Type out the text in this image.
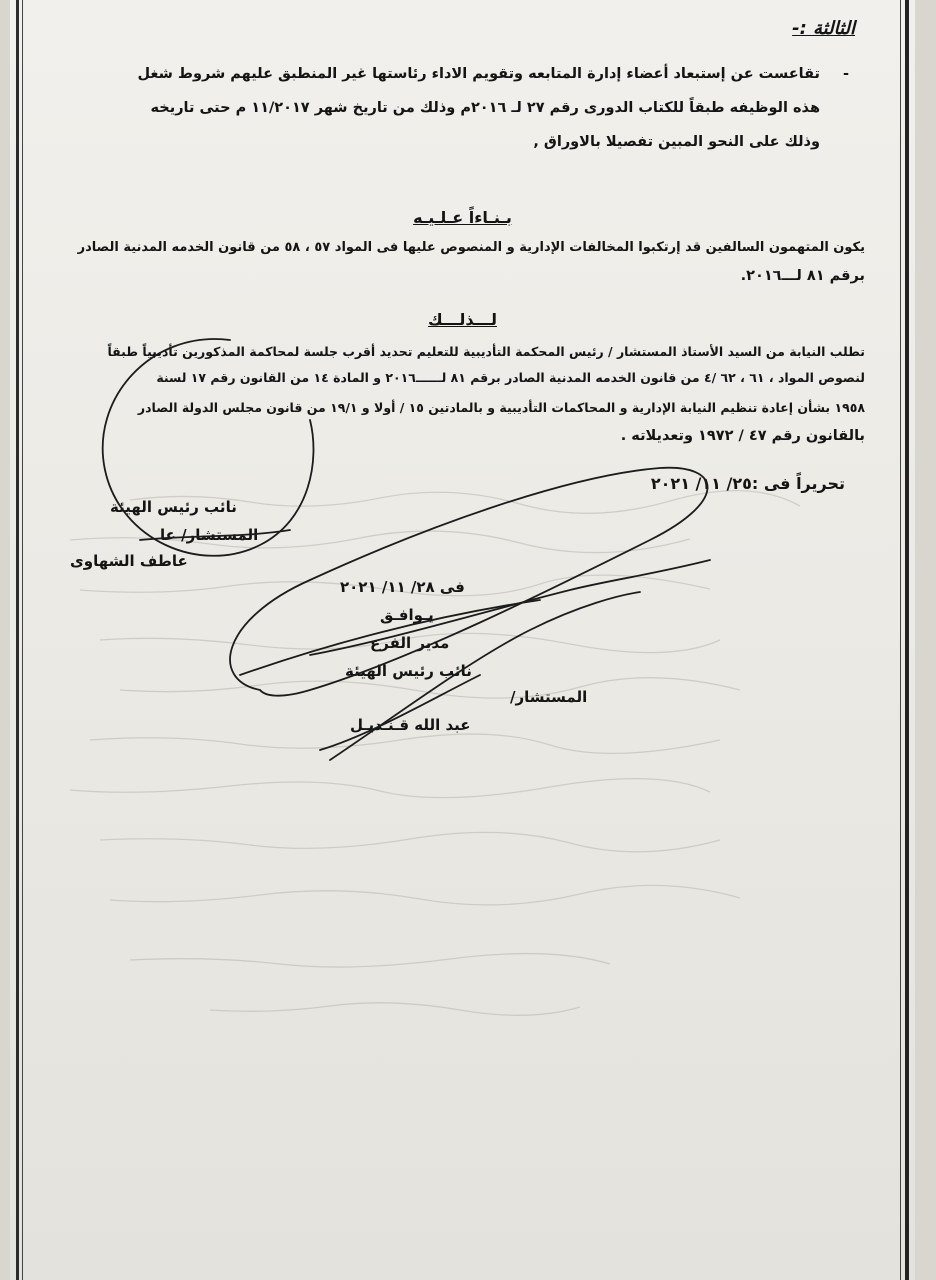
الثالثة :-
-
تقاعست عن إستبعاد أعضاء إدارة المتابعه وتقويم الاداء رئاستها غير المنطبق عليهم شروط شغل
هذه الوظيفه طبقاً للكتاب الدورى رقم ٢٧ لـ ٢٠١٦م وذلك من تاريخ شهر ١١/٢٠١٧ م حتى تاريخه
وذلك على النحو المبين تفصيلا بالاوراق ,
بـنـاءاً عـلـيـه
يكون المتهمون السالفين قد إرتكبوا المخالفات الإدارية و المنصوص عليها فى المواد ٥٧ ، ٥٨ من قانون الخدمه المدنية الصادر
برقم ٨١ لـــ٢٠١٦.
لـــذلـــك
تطلب النيابة من السيد الأستاذ المستشار / رئيس المحكمة التأديبية للتعليم تحديد أقرب جلسة لمحاكمة المذكورين تأديبياً طبقاً
لنصوص المواد ، ٦١ ، ٦٢ /٤ من قانون الخدمه المدنية الصادر برقم ٨١ لــــــ٢٠١٦ و المادة ١٤ من القانون رقم ١٧ لسنة
١٩٥٨ بشأن إعادة تنظيم النيابة الإدارية و المحاكمات التأديبية و بالمادتين ١٥ / أولا و ١٩/١ من قانون مجلس الدولة الصادر
بالقانون رقم ٤٧ / ١٩٧٢ وتعديلاته .
تحريراً فى :٢٥/ ١١/ ٢٠٢١
نائب رئيس الهيئة
المستشار/ عا
عاطف الشهاوى
فى ٢٨/ ١١/ ٢٠٢١
يـوافـق
مدير الفرع
نائب رئيس الهيئة
المستشار/
عبد الله قـنـديـل
